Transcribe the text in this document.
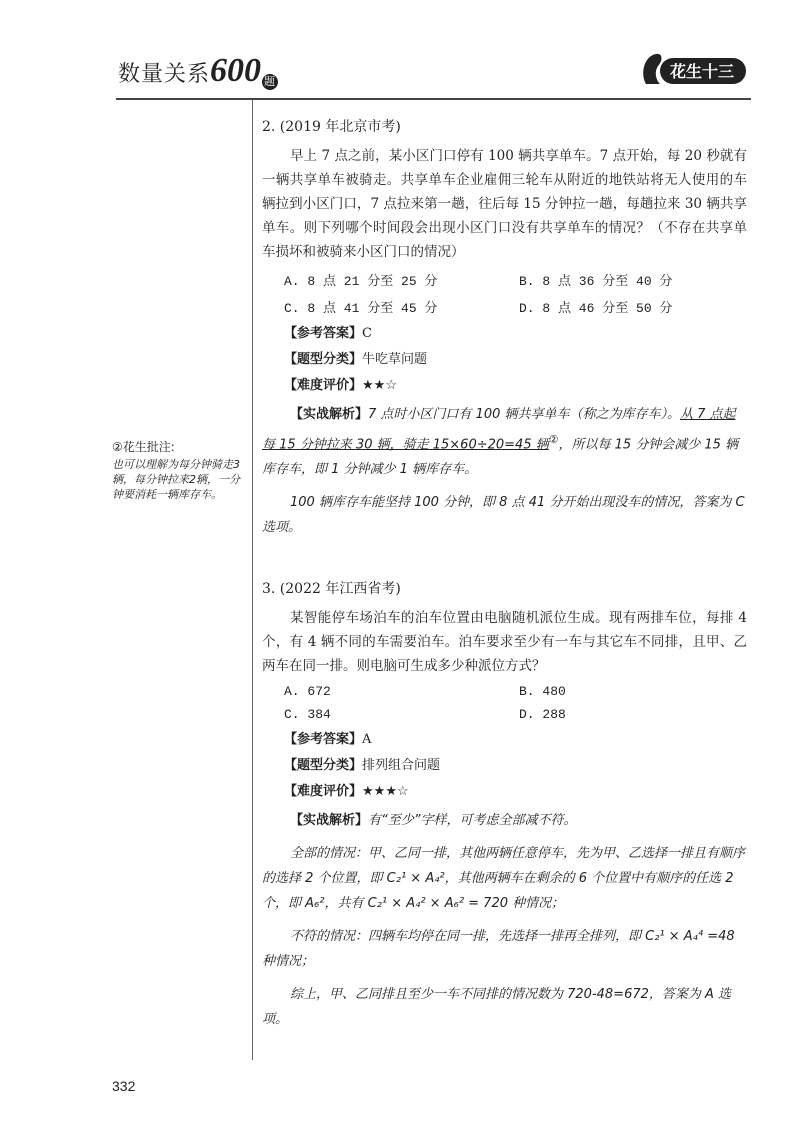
数量关系600 题
花生十三
②花生批注:
也可以理解为每分钟骑走3辆，每分钟拉来2辆，一分钟要消耗一辆库存车。
2. (2019 年北京市考)

早上 7 点之前，某小区门口停有 100 辆共享单车。7 点开始，每 20 秒就有一辆共享单车被骑走。共享单车企业雇佣三轮车从附近的地铁站将无人使用的车辆拉到小区门口，7 点拉来第一趟，往后每 15 分钟拉一趟，每趟拉来 30 辆共享单车。则下列哪个时间段会出现小区门口没有共享单车的情况？（不存在共享单车损坏和被骑来小区门口的情况）

A. 8 点 21 分至 25 分	B. 8 点 36 分至 40 分
C. 8 点 41 分至 45 分	D. 8 点 46 分至 50 分
【参考答案】C
【题型分类】牛吃草问题
【难度评价】★★☆

【实战解析】7 点时小区门口有 100 辆共享单车（称之为库存车）。从 7 点起每 15 分钟拉来 30 辆，骑走 15×60÷20=45 辆②，所以每 15 分钟会减少 15 辆库存车，即 1 分钟减少 1 辆库存车。

100 辆库存车能坚持 100 分钟，即 8 点 41 分开始出现没车的情况，答案为 C 选项。

3. (2022 年江西省考)

某智能停车场泊车的泊车位置由电脑随机派位生成。现有两排车位，每排 4 个，有 4 辆不同的车需要泊车。泊车要求至少有一车与其它车不同排，且甲、乙两车在同一排。则电脑可生成多少种派位方式？

A. 672	B. 480
C. 384	D. 288
【参考答案】A
【题型分类】排列组合问题
【难度评价】★★★☆

【实战解析】有“至少”字样，可考虑全部减不符。

全部的情况：甲、乙同一排，其他两辆任意停车，先为甲、乙选择一排且有顺序的选择 2 个位置，即 C₂¹ × A₄²，其他两辆车在剩余的 6 个位置中有顺序的任选 2 个，即 A₆²，共有 C₂¹ × A₄² × A₆² = 720 种情况；

不符的情况：四辆车均停在同一排，先选择一排再全排列，即 C₂¹ × A₄⁴ =48 种情况；

综上，甲、乙同排且至少一车不同排的情况数为 720-48=672，答案为 A 选项。

332
